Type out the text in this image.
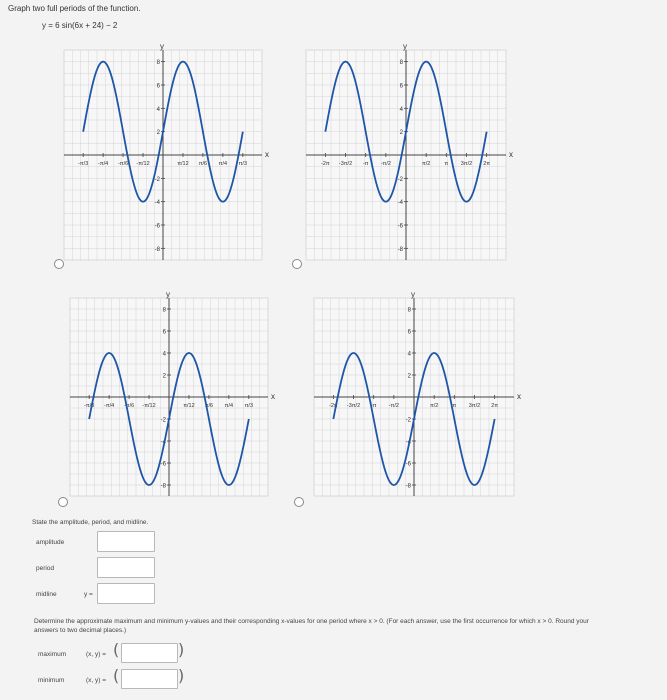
Graph two full periods of the function.
y = 6 sin(6x + 24) − 2
x
y
8
6
4
2
-2
-4
-6
-8
-π/3 -π/4 -π/6 -π/12	π/12 π/6 π/4 π/3
x
y
8
6
4
2
-2
-4
-6
-8
-2π -3π/2 -π -π/2	π/2	π 3π/2 2π
x
y
8
6
4
2
-2
-4
-6
-8
-π/3 -π/4 -π/6 -π/12	π/12 π/6 π/4 π/3
x
y
8
6
4
2
-2
-4
-6
-8
-2π -3π/2 -π -π/2	π/2	π 3π/2 2π
State the amplitude, period, and midline.
amplitude
period
midline	y =
Determine the approximate maximum and minimum y-values and their corresponding x-values for one period where x > 0. (For each answer, use the first occurrence for which x > 0. Round your answers to two decimal places.)
maximum	(x, y) = (	)
minimum	(x, y) = (	)
